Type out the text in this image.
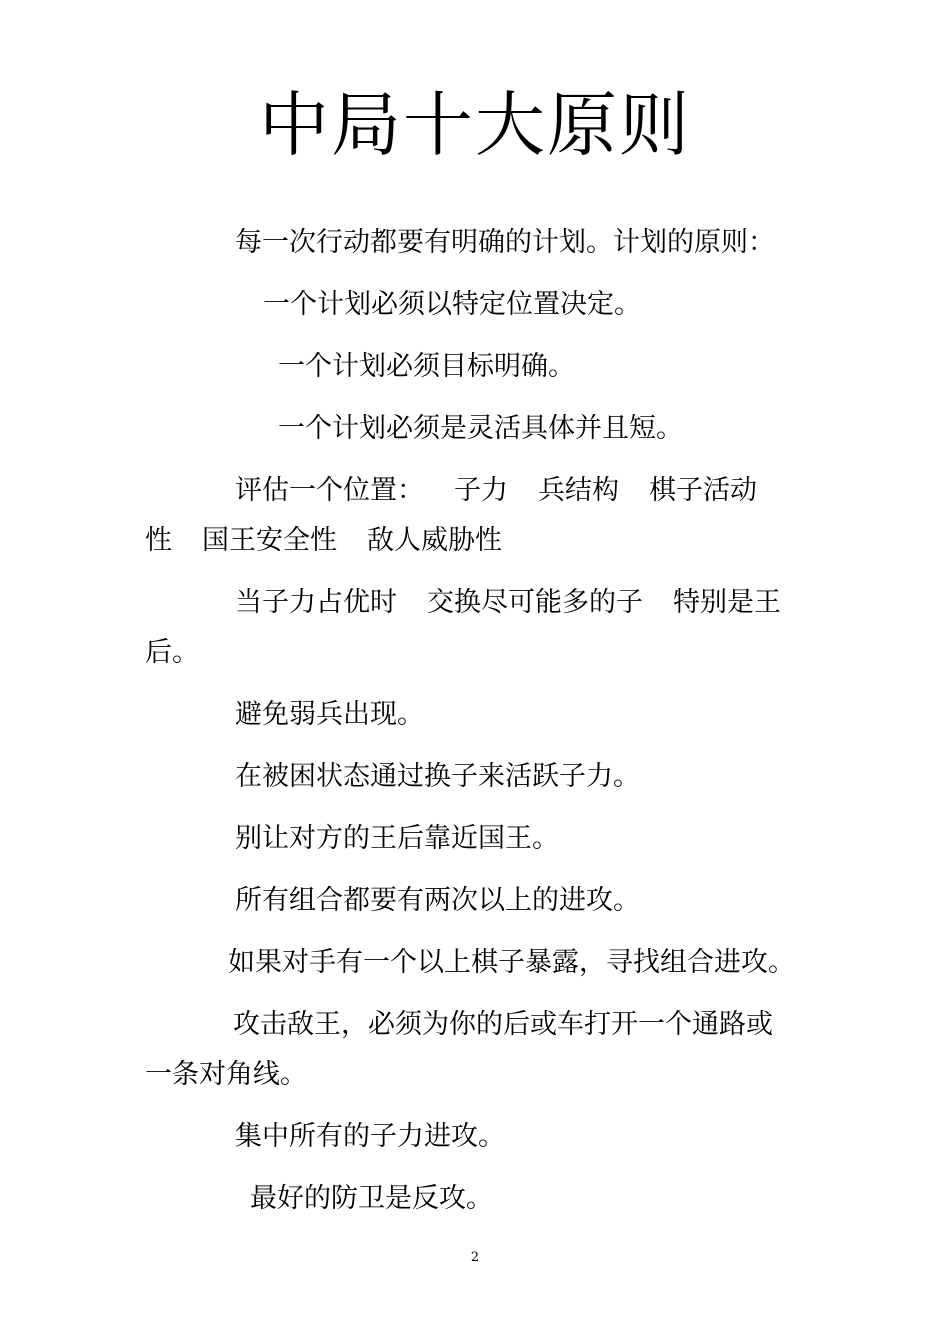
中局十大原则

每一次行动都要有明确的计划。计划的原则：

一个计划必须以特定位置决定。

一个计划必须目标明确。

一个计划必须是灵活具体并且短。

评估一个位置： 子力 兵结构 棋子活动
性 国王安全性 敌人威胁性
当子力占优时 交换尽可能多的子 特别是王

后。

避免弱兵出现。

在被困状态通过换子来活跃子力。

别让对方的王后靠近国王。

所有组合都要有两次以上的进攻。

如果对手有一个以上棋子暴露，寻找组合进攻。

攻击敌王，必须为你的后或车打开一个通路或

一条对角线。

集中所有的子力进攻。

最好的防卫是反攻。

2
